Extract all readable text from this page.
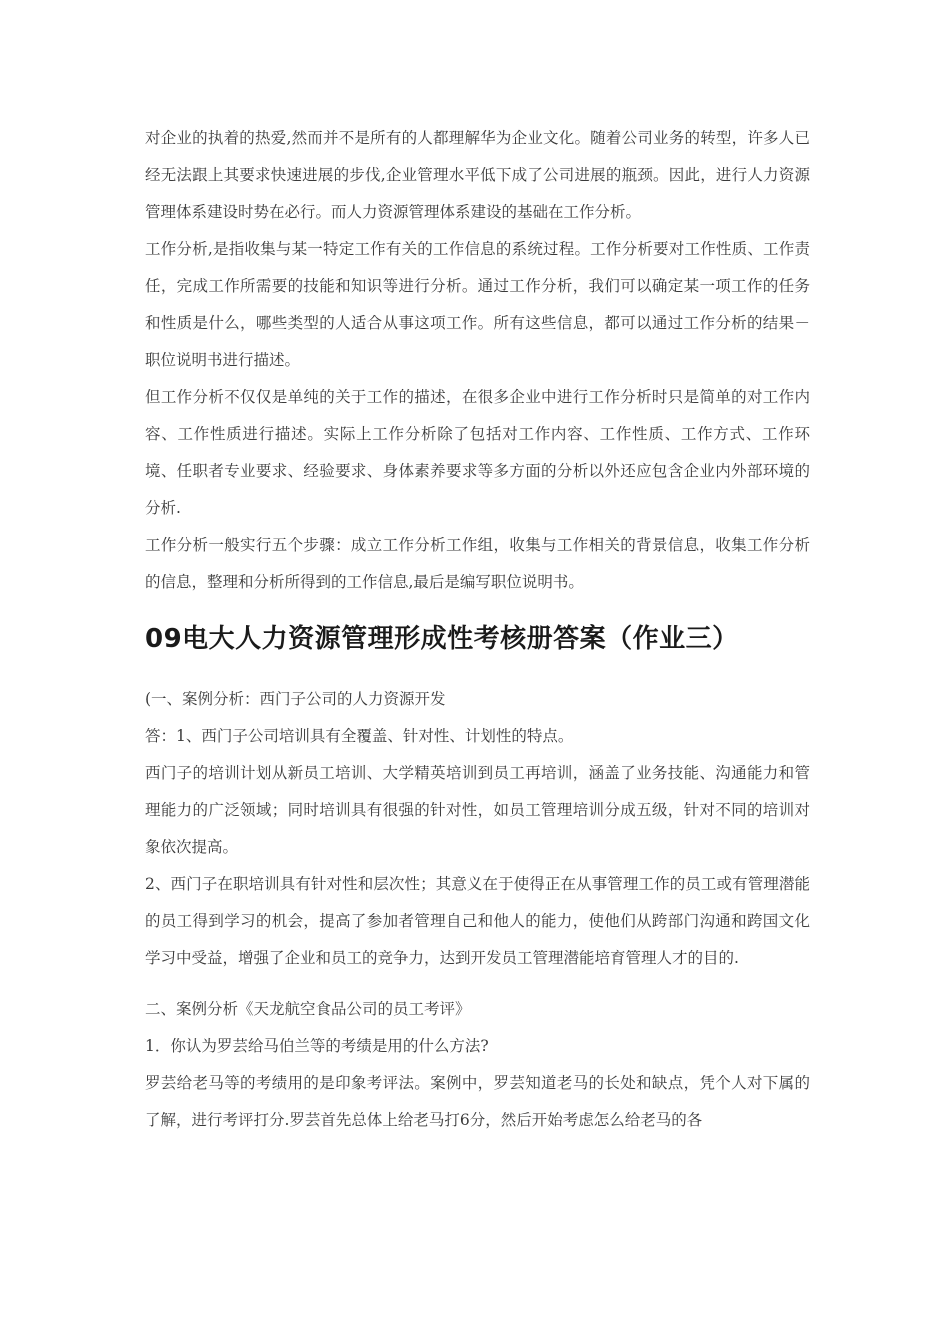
对企业的执着的热爱,然而并不是所有的人都理解华为企业文化。随着公司业务的转型，许多人已经无法跟上其要求快速进展的步伐,企业管理水平低下成了公司进展的瓶颈。因此，进行人力资源管理体系建设时势在必行。而人力资源管理体系建设的基础在工作分析。

工作分析,是指收集与某一特定工作有关的工作信息的系统过程。工作分析要对工作性质、工作责任，完成工作所需要的技能和知识等进行分析。通过工作分析，我们可以确定某一项工作的任务和性质是什么，哪些类型的人适合从事这项工作。所有这些信息，都可以通过工作分析的结果－职位说明书进行描述。

但工作分析不仅仅是单纯的关于工作的描述，在很多企业中进行工作分析时只是简单的对工作内容、工作性质进行描述。实际上工作分析除了包括对工作内容、工作性质、工作方式、工作环境、任职者专业要求、经验要求、身体素养要求等多方面的分析以外还应包含企业内外部环境的分析.

工作分析一般实行五个步骤：成立工作分析工作组，收集与工作相关的背景信息，收集工作分析的信息，整理和分析所得到的工作信息,最后是编写职位说明书。

09电大人力资源管理形成性考核册答案（作业三）

(一、案例分析：西门子公司的人力资源开发

答：1、西门子公司培训具有全覆盖、针对性、计划性的特点。

西门子的培训计划从新员工培训、大学精英培训到员工再培训，涵盖了业务技能、沟通能力和管理能力的广泛领域；同时培训具有很强的针对性，如员工管理培训分成五级，针对不同的培训对象依次提高。

2、西门子在职培训具有针对性和层次性；其意义在于使得正在从事管理工作的员工或有管理潜能的员工得到学习的机会，提高了参加者管理自己和他人的能力，使他们从跨部门沟通和跨国文化学习中受益，增强了企业和员工的竞争力，达到开发员工管理潜能培育管理人才的目的.

二、案例分析《天龙航空食品公司的员工考评》

1．你认为罗芸给马伯兰等的考绩是用的什么方法?

罗芸给老马等的考绩用的是印象考评法。案例中，罗芸知道老马的长处和缺点，凭个人对下属的了解，进行考评打分.罗芸首先总体上给老马打6分，然后开始考虑怎么给老马的各
